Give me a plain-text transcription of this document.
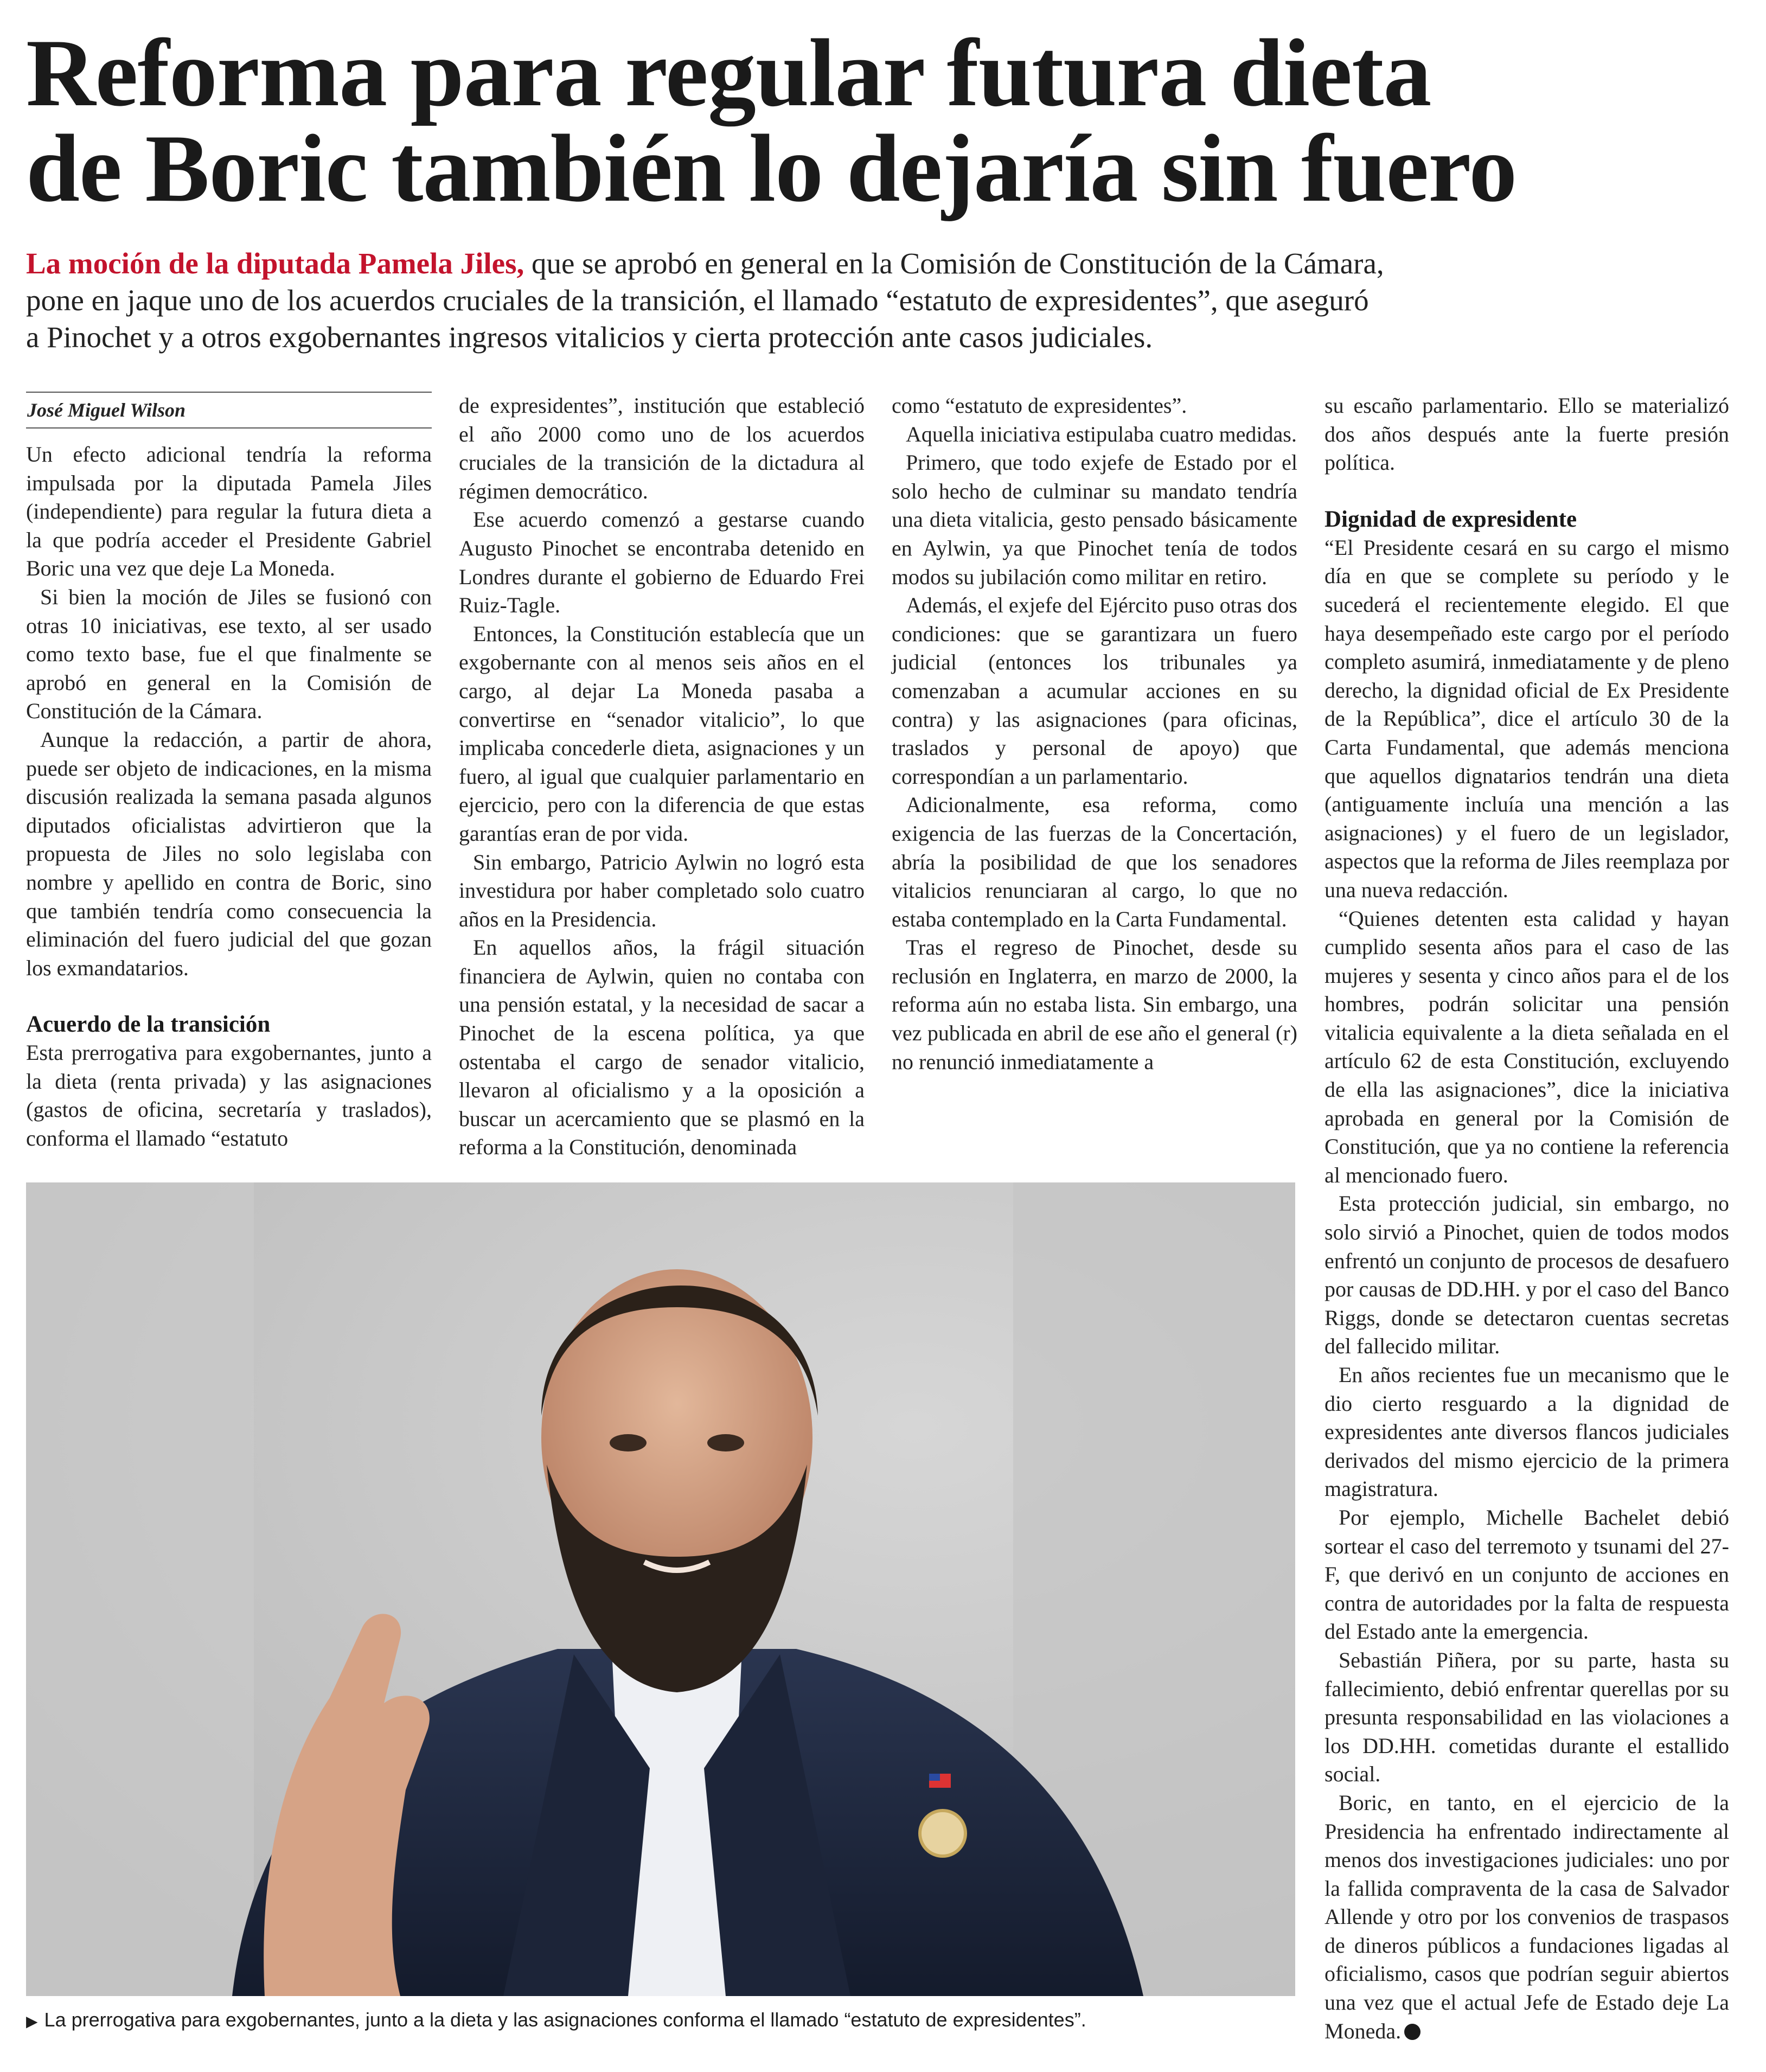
Reforma para regular futura dieta
de Boric también lo dejaría sin fuero
La moción de la diputada Pamela Jiles, que se aprobó en general en la Comisión de Constitución de la Cámara,
pone en jaque uno de los acuerdos cruciales de la transición, el llamado “estatuto de expresidentes”, que aseguró
a Pinochet y a otros exgobernantes ingresos vitalicios y cierta protección ante casos judiciales.
José Miguel Wilson

Un efecto adicional tendría la reforma impulsada por la diputada Pamela Jiles (independiente) para regular la futura dieta a la que podría acceder el Presidente Gabriel Boric una vez que deje La Moneda.

Si bien la moción de Jiles se fusionó con otras 10 iniciativas, ese texto, al ser usado como texto base, fue el que finalmente se aprobó en general en la Comisión de Constitución de la Cámara.

Aunque la redacción, a partir de ahora, puede ser objeto de indicaciones, en la misma discusión realizada la semana pasada algunos diputados oficialistas advirtieron que la propuesta de Jiles no solo legislaba con nombre y apellido en contra de Boric, sino que también tendría como consecuencia la eliminación del fuero judicial del que gozan los exmandatarios.

Acuerdo de la transición

Esta prerrogativa para exgobernantes, junto a la dieta (renta privada) y las asignaciones (gastos de oficina, secretaría y traslados), conforma el llamado “estatuto

de expresidentes”, institución que estableció el año 2000 como uno de los acuerdos cruciales de la transición de la dictadura al régimen democrático.

Ese acuerdo comenzó a gestarse cuando Augusto Pinochet se encontraba detenido en Londres durante el gobierno de Eduardo Frei Ruiz-Tagle.

Entonces, la Constitución establecía que un exgobernante con al menos seis años en el cargo, al dejar La Moneda pasaba a convertirse en “senador vitalicio”, lo que implicaba concederle dieta, asignaciones y un fuero, al igual que cualquier parlamentario en ejercicio, pero con la diferencia de que estas garantías eran de por vida.

Sin embargo, Patricio Aylwin no logró esta investidura por haber completado solo cuatro años en la Presidencia.

En aquellos años, la frágil situación financiera de Aylwin, quien no contaba con una pensión estatal, y la necesidad de sacar a Pinochet de la escena política, ya que ostentaba el cargo de senador vitalicio, llevaron al oficialismo y a la oposición a buscar un acercamiento que se plasmó en la reforma a la Constitución, denominada

como “estatuto de expresidentes”.

Aquella iniciativa estipulaba cuatro medidas.

Primero, que todo exjefe de Estado por el solo hecho de culminar su mandato tendría una dieta vitalicia, gesto pensado básicamente en Aylwin, ya que Pinochet tenía de todos modos su jubilación como militar en retiro.

Además, el exjefe del Ejército puso otras dos condiciones: que se garantizara un fuero judicial (entonces los tribunales ya comenzaban a acumular acciones en su contra) y las asignaciones (para oficinas, traslados y personal de apoyo) que correspondían a un parlamentario.

Adicionalmente, esa reforma, como exigencia de las fuerzas de la Concertación, abría la posibilidad de que los senadores vitalicios renunciaran al cargo, lo que no estaba contemplado en la Carta Fundamental.

Tras el regreso de Pinochet, desde su reclusión en Inglaterra, en marzo de 2000, la reforma aún no estaba lista. Sin embargo, una vez publicada en abril de ese año el general (r) no renunció inmediatamente a

su escaño parlamentario. Ello se materializó dos años después ante la fuerte presión política.

Dignidad de expresidente

“El Presidente cesará en su cargo el mismo día en que se complete su período y le sucederá el recientemente elegido. El que haya desempeñado este cargo por el período completo asumirá, inmediatamente y de pleno derecho, la dignidad oficial de Ex Presidente de la República”, dice el artículo 30 de la Carta Fundamental, que además menciona que aquellos dignatarios tendrán una dieta (antiguamente incluía una mención a las asignaciones) y el fuero de un legislador, aspectos que la reforma de Jiles reemplaza por una nueva redacción.

“Quienes detenten esta calidad y hayan cumplido sesenta años para el caso de las mujeres y sesenta y cinco años para el de los hombres, podrán solicitar una pensión vitalicia equivalente a la dieta señalada en el artículo 62 de esta Constitución, excluyendo de ella las asignaciones”, dice la iniciativa aprobada en general por la Comisión de Constitución, que ya no contiene la referencia al mencionado fuero.

Esta protección judicial, sin embargo, no solo sirvió a Pinochet, quien de todos modos enfrentó un conjunto de procesos de desafuero por causas de DD.HH. y por el caso del Banco Riggs, donde se detectaron cuentas secretas del fallecido militar.

En años recientes fue un mecanismo que le dio cierto resguardo a la dignidad de expresidentes ante diversos flancos judiciales derivados del mismo ejercicio de la primera magistratura.

Por ejemplo, Michelle Bachelet debió sortear el caso del terremoto y tsunami del 27-F, que derivó en un conjunto de acciones en contra de autoridades por la falta de respuesta del Estado ante la emergencia.

Sebastián Piñera, por su parte, hasta su fallecimiento, debió enfrentar querellas por su presunta responsabilidad en las violaciones a los DD.HH. cometidas durante el estallido social.

Boric, en tanto, en el ejercicio de la Presidencia ha enfrentado indirectamente al menos dos investigaciones judiciales: uno por la fallida compraventa de la casa de Salvador Allende y otro por los convenios de traspasos de dineros públicos a fundaciones ligadas al oficialismo, casos que podrían seguir abiertos una vez que el actual Jefe de Estado deje La Moneda.

▶ La prerrogativa para exgobernantes, junto a la dieta y las asignaciones conforma el llamado “estatuto de expresidentes”.
